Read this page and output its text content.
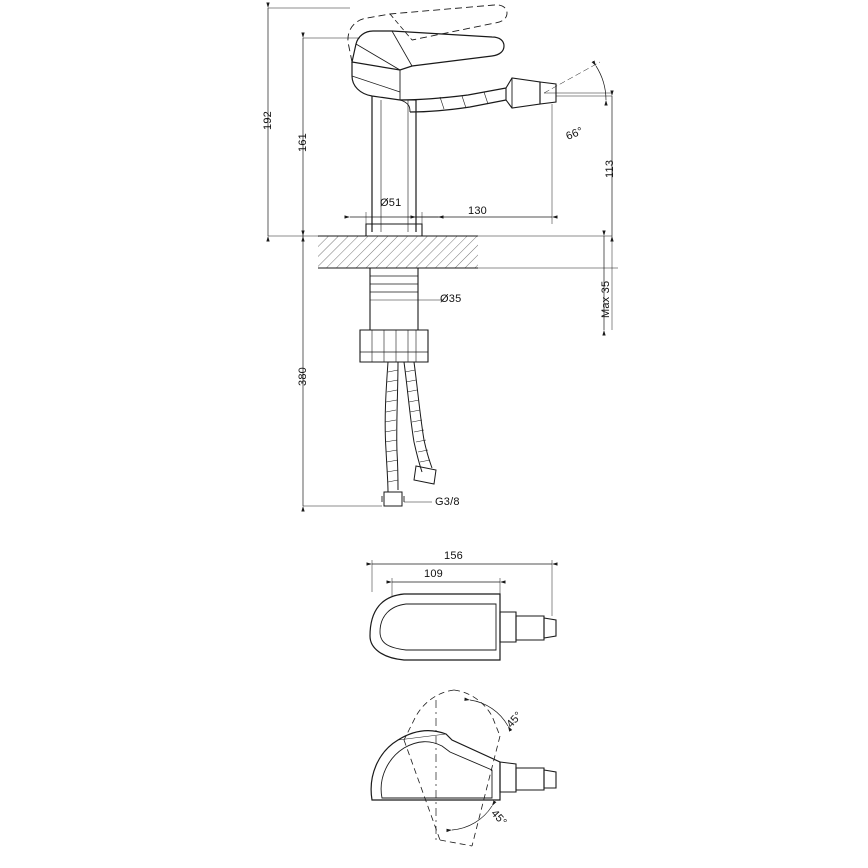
192
161
380
Ø51
130
Ø35
113
Max 35
66°
G3/8
156
109
45°
45°
